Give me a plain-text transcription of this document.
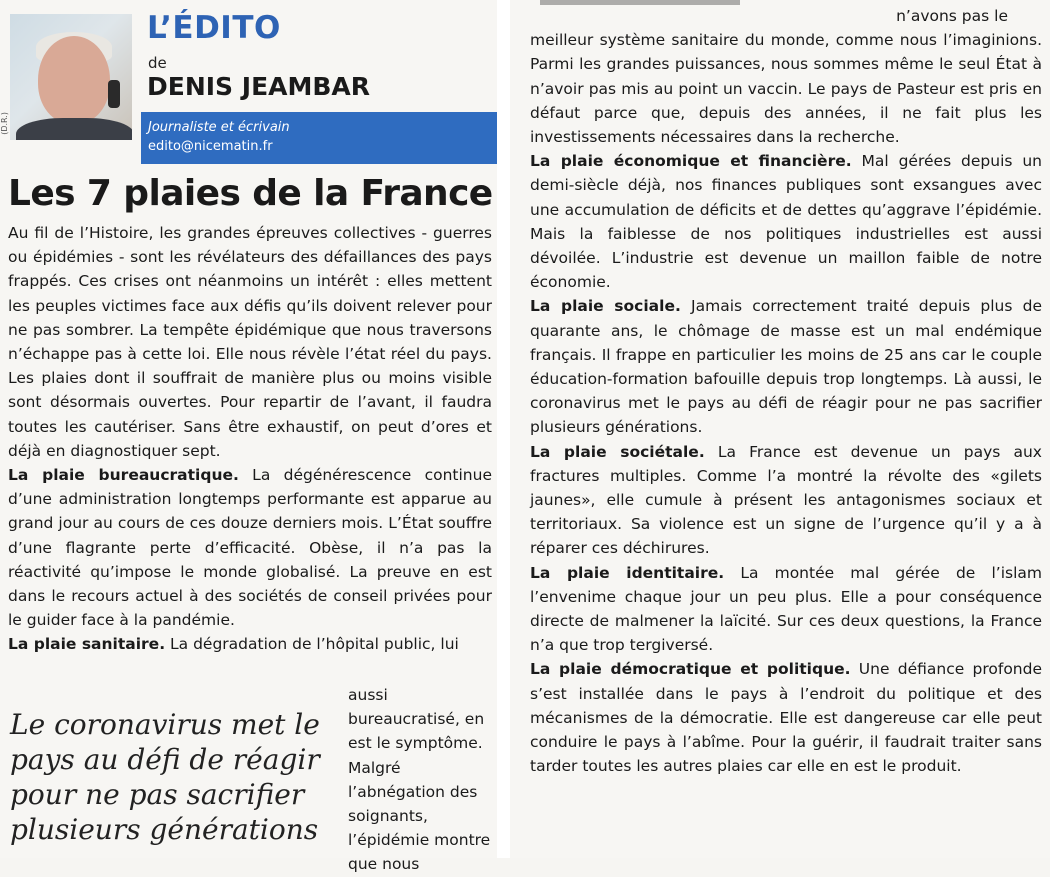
(D.R.)
L’ÉDITO
de
DENIS JEAMBAR
Journaliste et écrivain
edito@nicematin.fr
Les 7 plaies de la France

Au fil de l’Histoire, les grandes épreuves collectives - guerres ou épidémies - sont les révélateurs des défaillances des pays frappés. Ces crises ont néanmoins un intérêt : elles mettent les peuples victimes face aux défis qu’ils doivent relever pour ne pas sombrer. La tempête épidémique que nous traversons n’échappe pas à cette loi. Elle nous révèle l’état réel du pays. Les plaies dont il souffrait de manière plus ou moins visible sont désormais ouvertes. Pour repartir de l’avant, il faudra toutes les cautériser. Sans être exhaustif, on peut d’ores et déjà en diagnostiquer sept.

La plaie bureaucratique. La dégénérescence continue d’une administration longtemps performante est apparue au grand jour au cours de ces douze derniers mois. L’État souffre d’une flagrante perte d’efficacité. Obèse, il n’a pas la réactivité qu’impose le monde globalisé. La preuve en est dans le recours actuel à des sociétés de conseil privées pour le guider face à la pandémie.

La plaie sanitaire. La dégradation de l’hôpital public, lui

aussi bureaucratisé, en est le symptôme. Malgré l’abnégation des soignants, l’épidémie montre que nous
Le coronavirus met le pays au défi de réagir pour ne pas sacrifier plusieurs générations

n’avons pas le
meilleur système sanitaire du monde, comme nous l’imaginions. Parmi les grandes puissances, nous sommes même le seul État à n’avoir pas mis au point un vaccin. Le pays de Pasteur est pris en défaut parce que, depuis des années, il ne fait plus les investissements nécessaires dans la recherche.

La plaie économique et financière. Mal gérées depuis un demi-siècle déjà, nos finances publiques sont exsangues avec une accumulation de déficits et de dettes qu’aggrave l’épidémie. Mais la faiblesse de nos politiques industrielles est aussi dévoilée. L’industrie est devenue un maillon faible de notre économie.

La plaie sociale. Jamais correctement traité depuis plus de quarante ans, le chômage de masse est un mal endémique français. Il frappe en particulier les moins de 25 ans car le couple éducation-formation bafouille depuis trop longtemps. Là aussi, le coronavirus met le pays au défi de réagir pour ne pas sacrifier plusieurs générations.

La plaie sociétale. La France est devenue un pays aux fractures multiples. Comme l’a montré la révolte des «gilets jaunes», elle cumule à présent les antagonismes sociaux et territoriaux. Sa violence est un signe de l’urgence qu’il y a à réparer ces déchirures.

La plaie identitaire. La montée mal gérée de l’islam l’envenime chaque jour un peu plus. Elle a pour conséquence directe de malmener la laïcité. Sur ces deux questions, la France n’a que trop tergiversé.

La plaie démocratique et politique. Une défiance profonde s’est installée dans le pays à l’endroit du politique et des mécanismes de la démocratie. Elle est dangereuse car elle peut conduire le pays à l’abîme. Pour la guérir, il faudrait traiter sans tarder toutes les autres plaies car elle en est le produit.
